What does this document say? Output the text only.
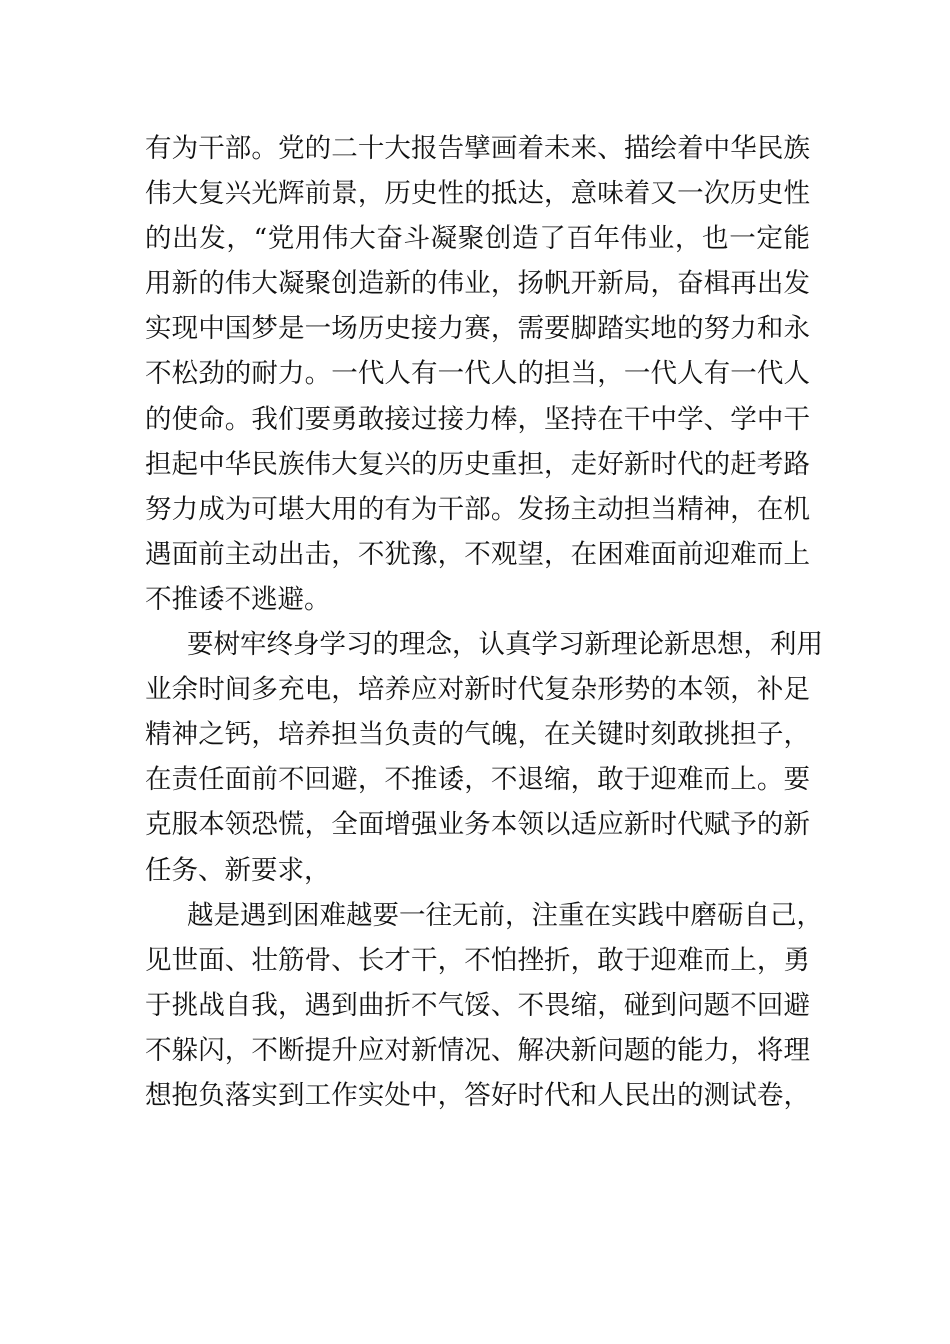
有为干部。党的二十大报告擘画着未来、描绘着中华民族
伟大复兴光辉前景，历史性的抵达，意味着又一次历史性
的出发，“党用伟大奋斗凝聚创造了百年伟业，也一定能
用新的伟大凝聚创造新的伟业，扬帆开新局，奋楫再出发
实现中国梦是一场历史接力赛，需要脚踏实地的努力和永
不松劲的耐力。一代人有一代人的担当，一代人有一代人
的使命。我们要勇敢接过接力棒，坚持在干中学、学中干
担起中华民族伟大复兴的历史重担，走好新时代的赶考路
努力成为可堪大用的有为干部。发扬主动担当精神，在机
遇面前主动出击，不犹豫，不观望，在困难面前迎难而上
不推诿不逃避。
要树牢终身学习的理念，认真学习新理论新思想，利用
业余时间多充电，培养应对新时代复杂形势的本领，补足
精神之钙，培养担当负责的气魄，在关键时刻敢挑担子，
在责任面前不回避，不推诿，不退缩，敢于迎难而上。要
克服本领恐慌，全面增强业务本领以适应新时代赋予的新
任务、新要求，
越是遇到困难越要一往无前，注重在实践中磨砺自己，
见世面、壮筋骨、长才干，不怕挫折，敢于迎难而上，勇
于挑战自我，遇到曲折不气馁、不畏缩，碰到问题不回避
不躲闪，不断提升应对新情况、解决新问题的能力，将理
想抱负落实到工作实处中，答好时代和人民出的测试卷，
